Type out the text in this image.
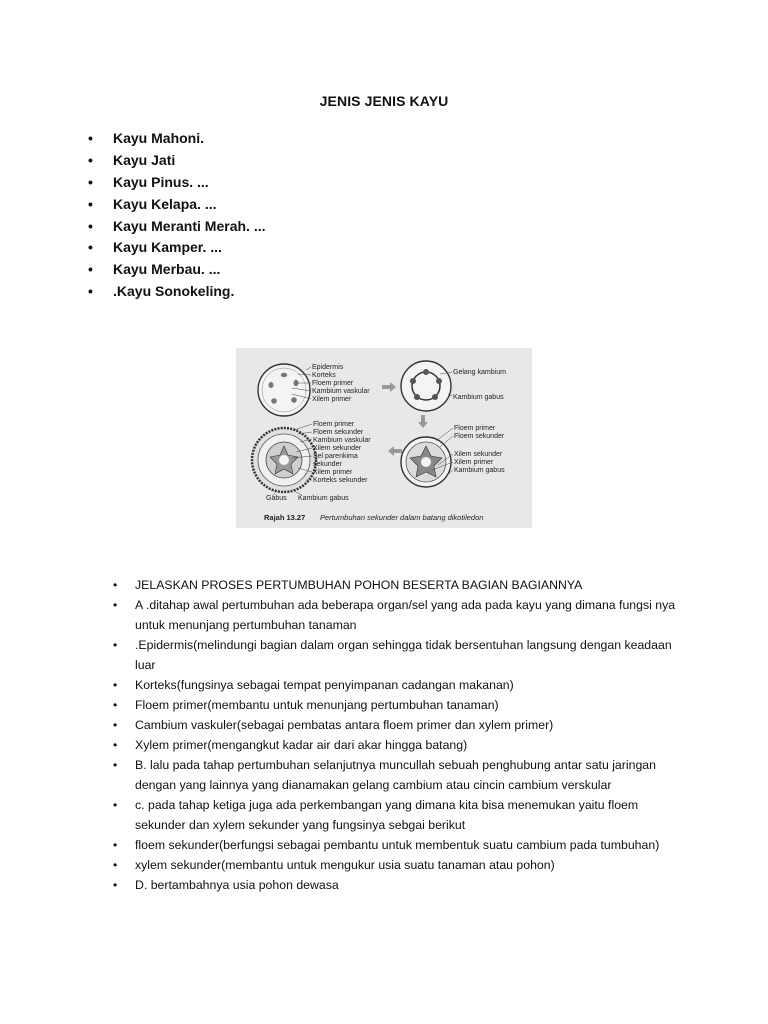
JENIS JENIS KAYU
• Kayu Mahoni.
• Kayu Jati
• Kayu Pinus. ...
• Kayu Kelapa. ...
• Kayu Meranti Merah. ...
• Kayu Kamper. ...
• Kayu Merbau. ...
• .Kayu Sonokeling.
Epidermis
Korteks
Floem primer
Kambium vaskular
Xilem primer
Gelang kambium
Kambium gabus
Floem primer
Floem sekunder
Xilem sekunder
Xilem primer
Kambium gabus
Floem primer
Floem sekunder
Kambium vaskular
Xilem sekunder
Sel parenkima
sekunder
Xilem primer
Korteks sekunder
Gabus Kambium gabus
Rajah 13.27 Pertumbuhan sekunder dalam batang dikotiledon
• JELASKAN PROSES PERTUMBUHAN POHON BESERTA BAGIAN BAGIANNYA
• A .ditahap awal pertumbuhan ada beberapa organ/sel yang ada pada kayu yang dimana fungsi nya untuk menunjang pertumbuhan tanaman
• .Epidermis(melindungi bagian dalam organ sehingga tidak bersentuhan langsung dengan keadaan luar
• Korteks(fungsinya sebagai tempat penyimpanan cadangan makanan)
• Floem primer(membantu untuk menunjang pertumbuhan tanaman)
• Cambium vaskuler(sebagai pembatas antara floem primer dan xylem primer)
• Xylem primer(mengangkut kadar air dari akar hingga batang)
• B. lalu pada tahap pertumbuhan selanjutnya muncullah sebuah penghubung antar satu jaringan dengan yang lainnya yang dianamakan gelang cambium atau cincin cambium verskular
• c. pada tahap ketiga juga ada perkembangan yang dimana kita bisa menemukan yaitu floem sekunder dan xylem sekunder yang fungsinya sebgai berikut
• floem sekunder(berfungsi sebagai pembantu untuk membentuk suatu cambium pada tumbuhan)
• xylem sekunder(membantu untuk mengukur usia suatu tanaman atau pohon)
• D. bertambahnya usia pohon dewasa
